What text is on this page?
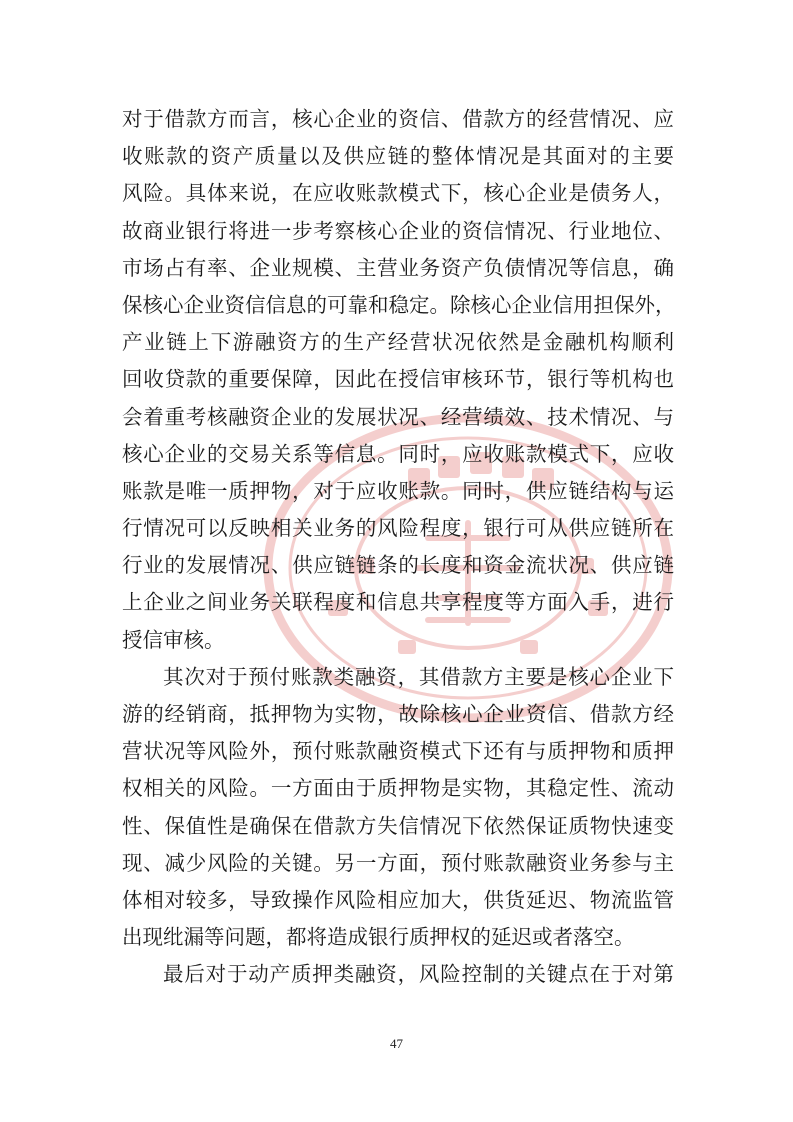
对于借款方而言，核心企业的资信、借款方的经营情况、应
收账款的资产质量以及供应链的整体情况是其面对的主要
风险。具体来说，在应收账款模式下，核心企业是债务人，
故商业银行将进一步考察核心企业的资信情况、行业地位、
市场占有率、企业规模、主营业务资产负债情况等信息，确
保核心企业资信信息的可靠和稳定。除核心企业信用担保外，
产业链上下游融资方的生产经营状况依然是金融机构顺利
回收贷款的重要保障，因此在授信审核环节，银行等机构也
会着重考核融资企业的发展状况、经营绩效、技术情况、与
核心企业的交易关系等信息。同时，应收账款模式下，应收
账款是唯一质押物，对于应收账款。同时，供应链结构与运
行情况可以反映相关业务的风险程度，银行可从供应链所在
行业的发展情况、供应链链条的长度和资金流状况、供应链
上企业之间业务关联程度和信息共享程度等方面入手，进行
授信审核。
其次对于预付账款类融资，其借款方主要是核心企业下
游的经销商，抵押物为实物，故除核心企业资信、借款方经
营状况等风险外，预付账款融资模式下还有与质押物和质押
权相关的风险。一方面由于质押物是实物，其稳定性、流动
性、保值性是确保在借款方失信情况下依然保证质物快速变
现、减少风险的关键。另一方面，预付账款融资业务参与主
体相对较多，导致操作风险相应加大，供货延迟、物流监管
出现纰漏等问题，都将造成银行质押权的延迟或者落空。
最后对于动产质押类融资，风险控制的关键点在于对第
47
